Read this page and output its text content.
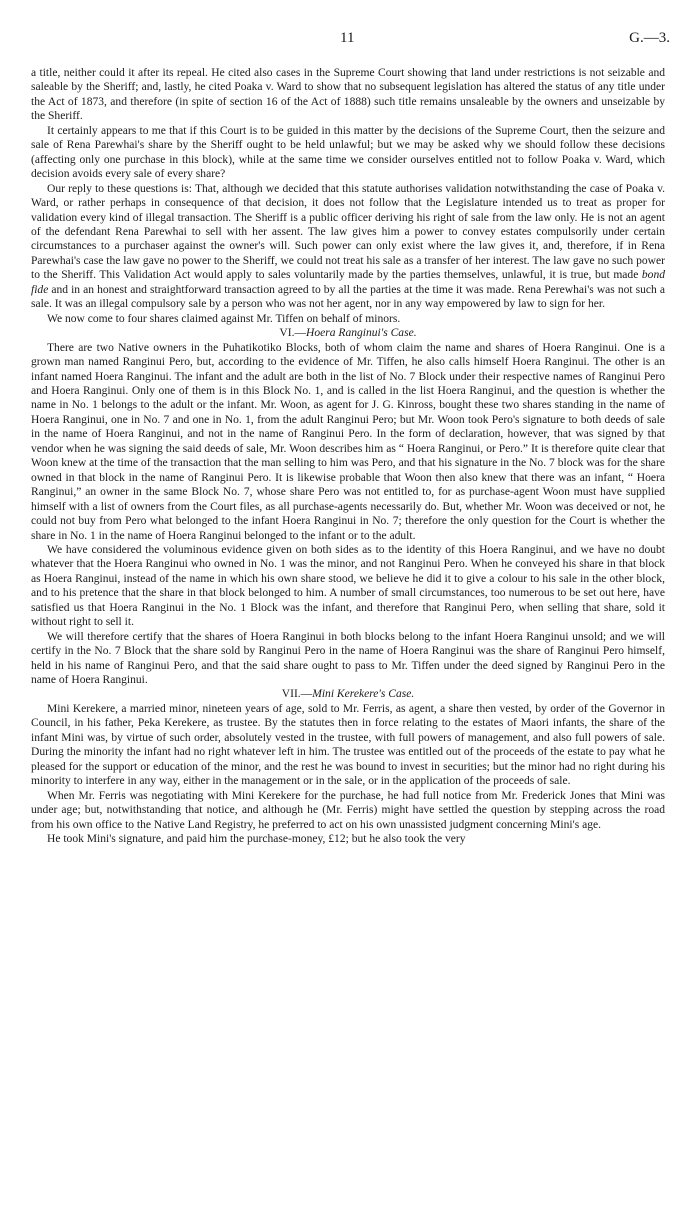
11	G.—3.

a title, neither could it after its repeal. He cited also cases in the Supreme Court showing that land under restrictions is not seizable and saleable by the Sheriff; and, lastly, he cited Poaka v. Ward to show that no subsequent legislation has altered the status of any title under the Act of 1873, and therefore (in spite of section 16 of the Act of 1888) such title remains unsaleable by the owners and unseizable by the Sheriff.

It certainly appears to me that if this Court is to be guided in this matter by the decisions of the Supreme Court, then the seizure and sale of Rena Parewhai's share by the Sheriff ought to be held unlawful; but we may be asked why we should follow these decisions (affecting only one purchase in this block), while at the same time we consider ourselves entitled not to follow Poaka v. Ward, which decision avoids every sale of every share?

Our reply to these questions is: That, although we decided that this statute authorises validation notwithstanding the case of Poaka v. Ward, or rather perhaps in consequence of that decision, it does not follow that the Legislature intended us to treat as proper for validation every kind of illegal transaction. The Sheriff is a public officer deriving his right of sale from the law only. He is not an agent of the defendant Rena Parewhai to sell with her assent. The law gives him a power to convey estates compulsorily under certain circumstances to a purchaser against the owner's will. Such power can only exist where the law gives it, and, therefore, if in Rena Parewhai's case the law gave no power to the Sheriff, we could not treat his sale as a transfer of her interest. The law gave no such power to the Sheriff. This Validation Act would apply to sales voluntarily made by the parties themselves, unlawful, it is true, but made bond fide and in an honest and straightforward transaction agreed to by all the parties at the time it was made. Rena Perewhai's was not such a sale. It was an illegal compulsory sale by a person who was not her agent, nor in any way empowered by law to sign for her.

We now come to four shares claimed against Mr. Tiffen on behalf of minors.

VI.—Hoera Ranginui's Case.

There are two Native owners in the Puhatikotiko Blocks, both of whom claim the name and shares of Hoera Ranginui. One is a grown man named Ranginui Pero, but, according to the evidence of Mr. Tiffen, he also calls himself Hoera Ranginui. The other is an infant named Hoera Ranginui. The infant and the adult are both in the list of No. 7 Block under their respective names of Ranginui Pero and Hoera Ranginui. Only one of them is in this Block No. 1, and is called in the list Hoera Ranginui, and the question is whether the name in No. 1 belongs to the adult or the infant. Mr. Woon, as agent for J. G. Kinross, bought these two shares standing in the name of Hoera Ranginui, one in No. 7 and one in No. 1, from the adult Ranginui Pero; but Mr. Woon took Pero's signature to both deeds of sale in the name of Hoera Ranginui, and not in the name of Ranginui Pero. In the form of declaration, however, that was signed by that vendor when he was signing the said deeds of sale, Mr. Woon describes him as “ Hoera Ranginui, or Pero.” It is therefore quite clear that Woon knew at the time of the transaction that the man selling to him was Pero, and that his signature in the No. 7 block was for the share owned in that block in the name of Ranginui Pero. It is likewise probable that Woon then also knew that there was an infant, “ Hoera Ranginui,” an owner in the same Block No. 7, whose share Pero was not entitled to, for as purchase-agent Woon must have supplied himself with a list of owners from the Court files, as all purchase-agents necessarily do. But, whether Mr. Woon was deceived or not, he could not buy from Pero what belonged to the infant Hoera Ranginui in No. 7; therefore the only question for the Court is whether the share in No. 1 in the name of Hoera Ranginui belonged to the infant or to the adult.

We have considered the voluminous evidence given on both sides as to the identity of this Hoera Ranginui, and we have no doubt whatever that the Hoera Ranginui who owned in No. 1 was the minor, and not Ranginui Pero. When he conveyed his share in that block as Hoera Ranginui, instead of the name in which his own share stood, we believe he did it to give a colour to his sale in the other block, and to his pretence that the share in that block belonged to him. A number of small circumstances, too numerous to be set out here, have satisfied us that Hoera Ranginui in the No. 1 Block was the infant, and therefore that Ranginui Pero, when selling that share, sold it without right to sell it.

We will therefore certify that the shares of Hoera Ranginui in both blocks belong to the infant Hoera Ranginui unsold; and we will certify in the No. 7 Block that the share sold by Ranginui Pero in the name of Hoera Ranginui was the share of Ranginui Pero himself, held in his name of Ranginui Pero, and that the said share ought to pass to Mr. Tiffen under the deed signed by Ranginui Pero in the name of Hoera Ranginui.

VII.—Mini Kerekere's Case.

Mini Kerekere, a married minor, nineteen years of age, sold to Mr. Ferris, as agent, a share then vested, by order of the Governor in Council, in his father, Peka Kerekere, as trustee. By the statutes then in force relating to the estates of Maori infants, the share of the infant Mini was, by virtue of such order, absolutely vested in the trustee, with full powers of management, and also full powers of sale. During the minority the infant had no right whatever left in him. The trustee was entitled out of the proceeds of the estate to pay what he pleased for the support or education of the minor, and the rest he was bound to invest in securities; but the minor had no right during his minority to interfere in any way, either in the management or in the sale, or in the application of the proceeds of sale.

When Mr. Ferris was negotiating with Mini Kerekere for the purchase, he had full notice from Mr. Frederick Jones that Mini was under age; but, notwithstanding that notice, and although he (Mr. Ferris) might have settled the question by stepping across the road from his own office to the Native Land Registry, he preferred to act on his own unassisted judgment concerning Mini's age.

He took Mini's signature, and paid him the purchase-money, £12; but he also took the very
